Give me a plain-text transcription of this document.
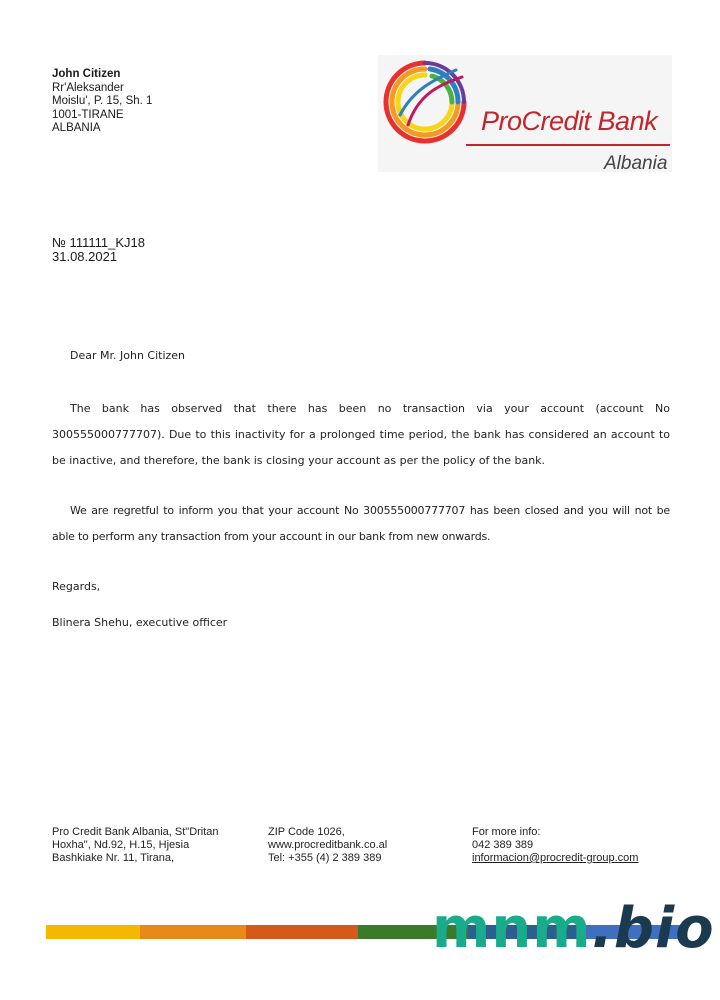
John Citizen
Rr'Aleksander
Moislu', P. 15, Sh. 1
1001-TIRANE
ALBANIA	ProCredit Bank
Albania
№ 111111_KJ18
31.08.2021
Dear Mr. John Citizen
The bank has observed that there has been no transaction via your account (account No 300555000777707). Due to this inactivity for a prolonged time period, the bank has considered an account to be inactive, and therefore, the bank is closing your account as per the policy of the bank.
We are regretful to inform you that your account No 300555000777707 has been closed and you will not be able to perform any transaction from your account in our bank from new onwards.
Regards,
Blinera Shehu, executive officer
Pro Credit Bank Albania, St"Dritan
Hoxha", Nd.92, H.15, Hjesia
Bashkiake Nr. 11, Tirana,
ZIP Code 1026,
www.procreditbank.co.al
Tel: +355 (4) 2 389 389
For more info:
042 389 389
informacion@procredit-group.com
mnm.bio
